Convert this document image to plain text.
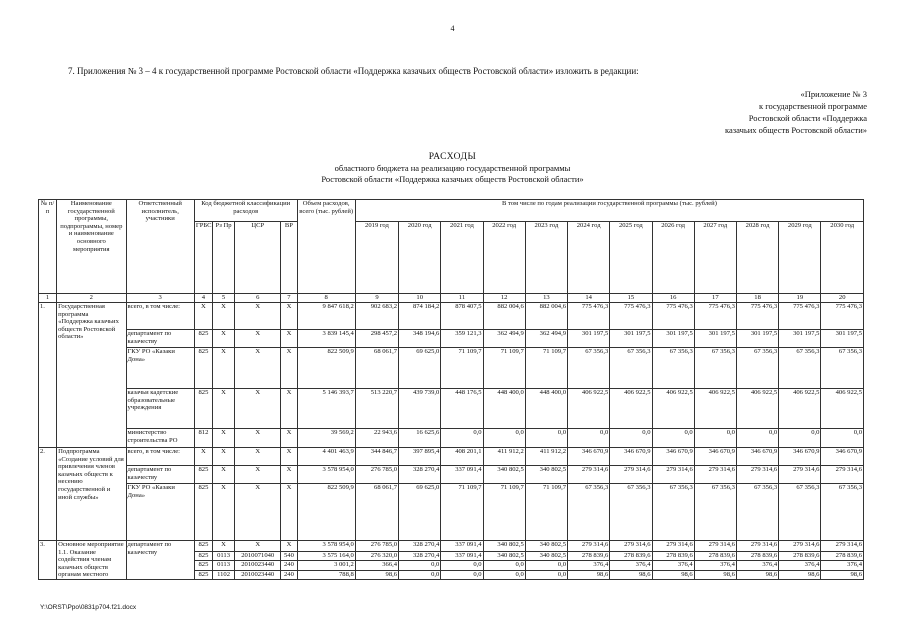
4
7. Приложения № 3 – 4 к государственной программе Ростовской области «Поддержка казачьих обществ Ростовской области» изложить в редакции:
«Приложение № 3
к государственной программе
Ростовской области «Поддержка
казачьих обществ Ростовской области»
РАСХОДЫ
областного бюджета на реализацию государственной программы
Ростовской области «Поддержка казачьих обществ Ростовской области»
№ п/п	Наименование государственной программы, подпрограммы, номер и наименование основного мероприятия	Ответственный исполнитель, участники	Код бюджетной классификации расходов				Объем расходов, всего (тыс. рублей)	В том числе по годам реализации государственной программы (тыс. рублей)											
			ГРБС	Рз Пр	ЦСР	ВР		2019 год	2020 год	2021 год	2022 год	2023 год	2024 год	2025 год	2026 год	2027 год	2028 год	2029 год	2030 год
1	2	3	4	5	6	7	8	9	10	11	12	13	14	15	16	17	18	19	20
1.	Государственная программа «Поддержка казачьих обществ Ростовской области»	всего, в том числе:	X	X	X	X	9 847 618,2	902 683,2	874 184,2	878 407,5	882 004,6	882 004,6	775 476,3	775 476,3	775 476,3	775 476,3	775 476,3	775 476,3	775 476,3
		департамент по казачеству	825	X	X	X	3 839 145,4	298 457,2	348 194,6	359 121,3	362 494,9	362 494,9	301 197,5	301 197,5	301 197,5	301 197,5	301 197,5	301 197,5	301 197,5
		ГКУ РО «Казаки Дона»	825	X	X	X	822 509,9	68 061,7	69 625,0	71 109,7	71 109,7	71 109,7	67 356,3	67 356,3	67 356,3	67 356,3	67 356,3	67 356,3	67 356,3
		казачьи кадетские образовательные учреждения	825	X	X	X	5 146 393,7	513 220,7	439 739,0	448 176,5	448 400,0	448 400,0	406 922,5	406 922,5	406 922,5	406 922,5	406 922,5	406 922,5	406 922,5
		министерство строительства РО	812	X	X	X	39 569,2	22 943,6	16 625,6	0,0	0,0	0,0	0,0	0,0	0,0	0,0	0,0	0,0	0,0
2.	Подпрограмма «Создание условий для привлечения членов казачьих обществ к несению государственной и иной службы»	всего, в том числе:	X	X	X	X	4 401 463,9	344 846,7	397 895,4	408 201,1	411 912,2	411 912,2	346 670,9	346 670,9	346 670,9	346 670,9	346 670,9	346 670,9	346 670,9
		департамент по казачеству	825	X	X	X	3 578 954,0	276 785,0	328 270,4	337 091,4	340 802,5	340 802,5	279 314,6	279 314,6	279 314,6	279 314,6	279 314,6	279 314,6	279 314,6
		ГКУ РО «Казаки Дона»	825	X	X	X	822 509,9	68 061,7	69 625,0	71 109,7	71 109,7	71 109,7	67 356,3	67 356,3	67 356,3	67 356,3	67 356,3	67 356,3	67 356,3
3.	Основное мероприятие 1.1. Оказание содействия членам казачьих обществ органам местного	департамент по казачеству	825	X	X	X	3 578 954,0	276 785,0	328 270,4	337 091,4	340 802,5	340 802,5	279 314,6	279 314,6	279 314,6	279 314,6	279 314,6	279 314,6	279 314,6
			825	0113	2010071040	540	3 575 164,0	276 320,0	328 270,4	337 091,4	340 802,5	340 802,5	278 839,6	278 839,6	278 839,6	278 839,6	278 839,6	278 839,6	278 839,6
			825	0113	2010023440	240	3 001,2	366,4	0,0	0,0	0,0	0,0	376,4	376,4	376,4	376,4	376,4	376,4	376,4
			825	1102	2010023440	240	788,8	98,6	0,0	0,0	0,0	0,0	98,6	98,6	98,6	98,6	98,6	98,6	98,6
Y:\ORST\Ppo\0831p704.f21.docx
